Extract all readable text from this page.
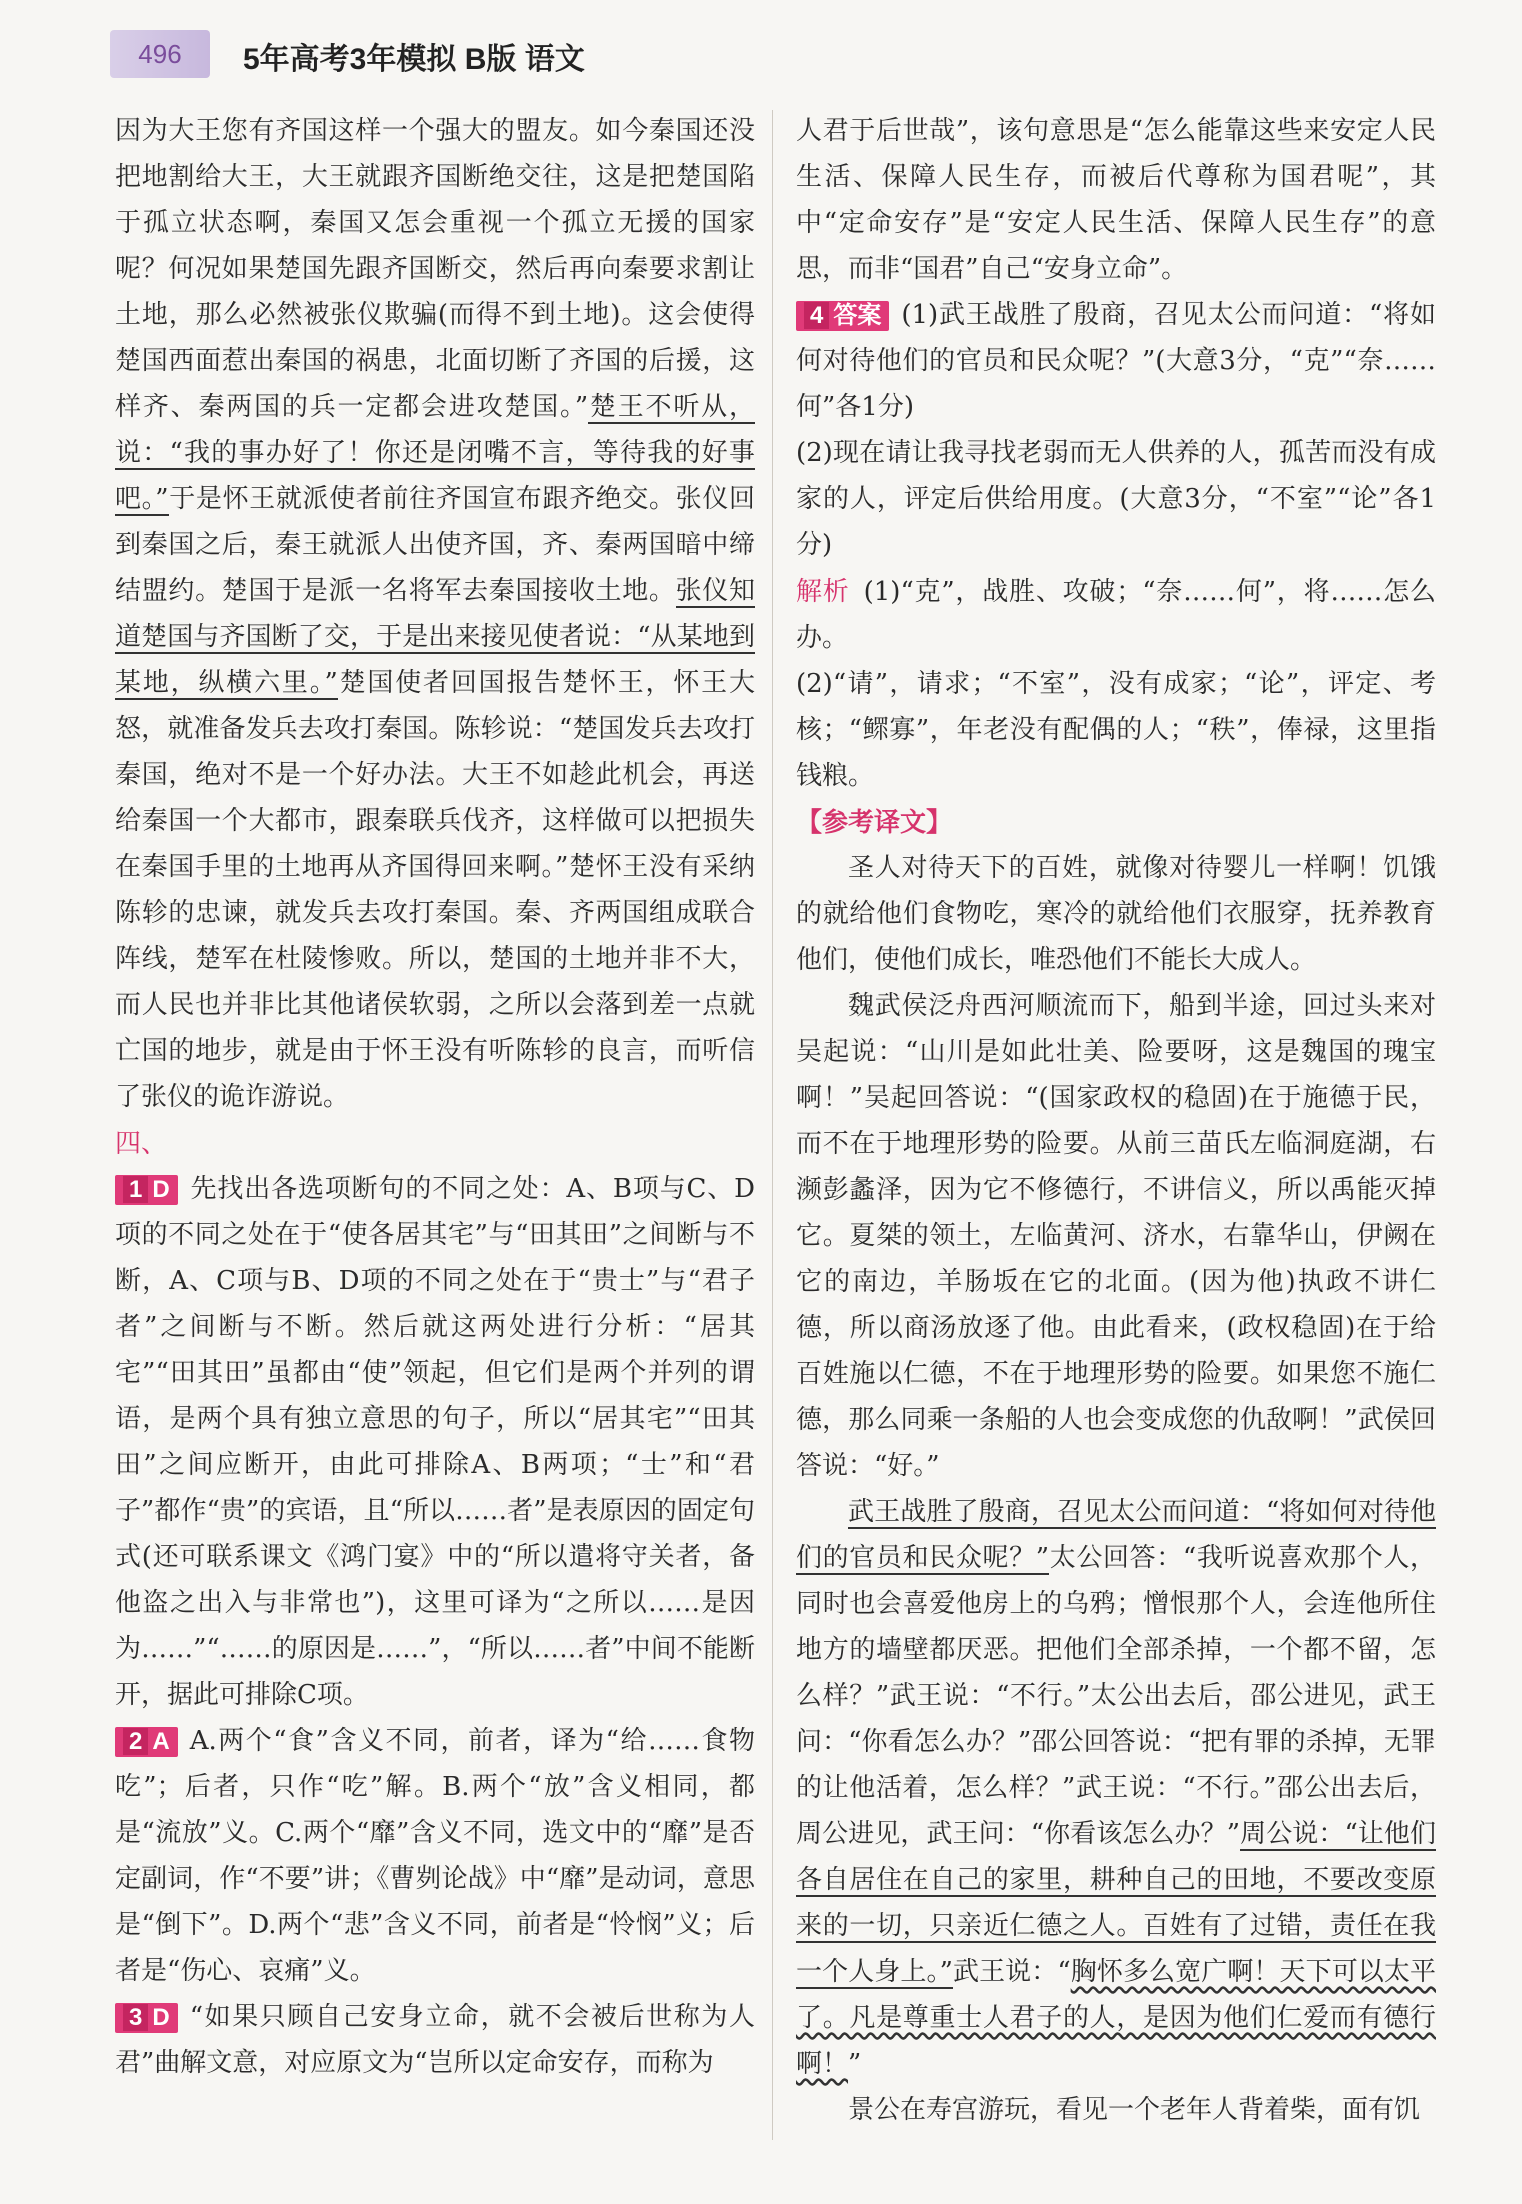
496	5年高考3年模拟 B版 语文

因为大王您有齐国这样一个强大的盟友。如今秦国还没把地割给大王，大王就跟齐国断绝交往，这是把楚国陷于孤立状态啊，秦国又怎会重视一个孤立无援的国家呢？何况如果楚国先跟齐国断交，然后再向秦要求割让土地，那么必然被张仪欺骗(而得不到土地)。这会使得楚国西面惹出秦国的祸患，北面切断了齐国的后援，这样齐、秦两国的兵一定都会进攻楚国。”楚王不听从，说：“我的事办好了！你还是闭嘴不言，等待我的好事吧。”于是怀王就派使者前往齐国宣布跟齐绝交。张仪回到秦国之后，秦王就派人出使齐国，齐、秦两国暗中缔结盟约。楚国于是派一名将军去秦国接收土地。张仪知道楚国与齐国断了交，于是出来接见使者说：“从某地到某地，纵横六里。”楚国使者回国报告楚怀王，怀王大怒，就准备发兵去攻打秦国。陈轸说：“楚国发兵去攻打秦国，绝对不是一个好办法。大王不如趁此机会，再送给秦国一个大都市，跟秦联兵伐齐，这样做可以把损失在秦国手里的土地再从齐国得回来啊。”楚怀王没有采纳陈轸的忠谏，就发兵去攻打秦国。秦、齐两国组成联合阵线，楚军在杜陵惨败。所以，楚国的土地并非不大，而人民也并非比其他诸侯软弱，之所以会落到差一点就亡国的地步，就是由于怀王没有听陈轸的良言，而听信了张仪的诡诈游说。

四、

1 D 先找出各选项断句的不同之处：A、B项与C、D项的不同之处在于“使各居其宅”与“田其田”之间断与不断，A、C项与B、D项的不同之处在于“贵士”与“君子者”之间断与不断。然后就这两处进行分析：“居其宅”“田其田”虽都由“使”领起，但它们是两个并列的谓语，是两个具有独立意思的句子，所以“居其宅”“田其田”之间应断开，由此可排除A、B两项；“士”和“君子”都作“贵”的宾语，且“所以……者”是表原因的固定句式(还可联系课文《鸿门宴》中的“所以遣将守关者，备他盗之出入与非常也”)，这里可译为“之所以……是因为……”“……的原因是……”，“所以……者”中间不能断开，据此可排除C项。

2 A A.两个“食”含义不同，前者，译为“给……食物吃”；后者，只作“吃”解。B.两个“放”含义相同，都是“流放”义。C.两个“靡”含义不同，选文中的“靡”是否定副词，作“不要”讲；《曹刿论战》中“靡”是动词，意思是“倒下”。D.两个“悲”含义不同，前者是“怜悯”义；后者是“伤心、哀痛”义。

3 D “如果只顾自己安身立命，就不会被后世称为人君”曲解文意，对应原文为“岂所以定命安存，而称为

人君于后世哉”，该句意思是“怎么能靠这些来安定人民生活、保障人民生存，而被后代尊称为国君呢”，其中“定命安存”是“安定人民生活、保障人民生存”的意思，而非“国君”自己“安身立命”。

4 答案 (1)武王战胜了殷商，召见太公而问道：“将如何对待他们的官员和民众呢？”(大意3分，“克”“奈……何”各1分)

(2)现在请让我寻找老弱而无人供养的人，孤苦而没有成家的人，评定后供给用度。(大意3分，“不室”“论”各1分)

解析 (1)“克”，战胜、攻破；“奈……何”，将……怎么办。

(2)“请”，请求；“不室”，没有成家；“论”，评定、考核；“鳏寡”，年老没有配偶的人；“秩”，俸禄，这里指钱粮。

【参考译文】

圣人对待天下的百姓，就像对待婴儿一样啊！饥饿的就给他们食物吃，寒冷的就给他们衣服穿，抚养教育他们，使他们成长，唯恐他们不能长大成人。

魏武侯泛舟西河顺流而下，船到半途，回过头来对吴起说：“山川是如此壮美、险要呀，这是魏国的瑰宝啊！”吴起回答说：“(国家政权的稳固)在于施德于民，而不在于地理形势的险要。从前三苗氏左临洞庭湖，右濒彭蠡泽，因为它不修德行，不讲信义，所以禹能灭掉它。夏桀的领土，左临黄河、济水，右靠华山，伊阙在它的南边，羊肠坂在它的北面。(因为他)执政不讲仁德，所以商汤放逐了他。由此看来，(政权稳固)在于给百姓施以仁德，不在于地理形势的险要。如果您不施仁德，那么同乘一条船的人也会变成您的仇敌啊！”武侯回答说：“好。”

武王战胜了殷商，召见太公而问道：“将如何对待他们的官员和民众呢？”太公回答：“我听说喜欢那个人，同时也会喜爱他房上的乌鸦；憎恨那个人，会连他所住地方的墙壁都厌恶。把他们全部杀掉，一个都不留，怎么样？”武王说：“不行。”太公出去后，邵公进见，武王问：“你看怎么办？”邵公回答说：“把有罪的杀掉，无罪的让他活着，怎么样？”武王说：“不行。”邵公出去后，周公进见，武王问：“你看该怎么办？”周公说：“让他们各自居住在自己的家里，耕种自己的田地，不要改变原来的一切，只亲近仁德之人。百姓有了过错，责任在我一个人身上。”武王说：“胸怀多么宽广啊！天下可以太平了。凡是尊重士人君子的人，是因为他们仁爱而有德行啊！”

景公在寿宫游玩，看见一个老年人背着柴，面有饥
